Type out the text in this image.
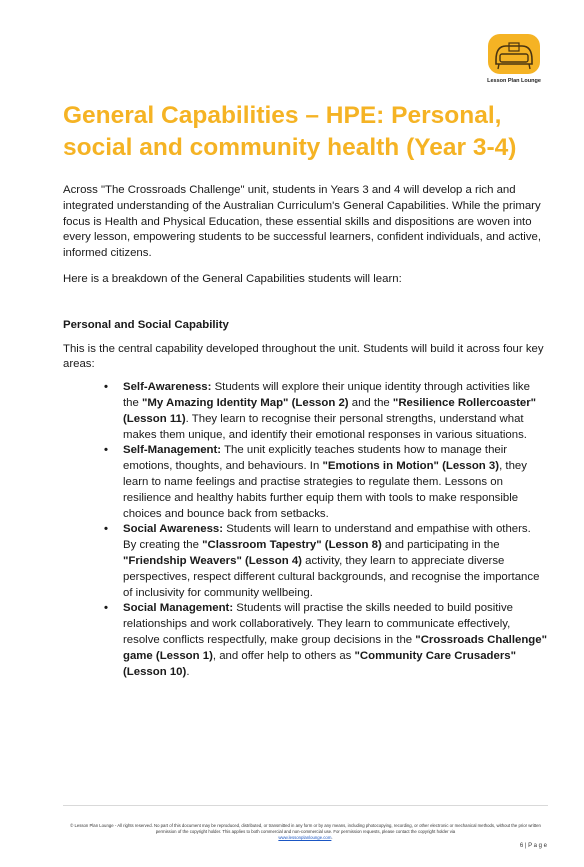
Lesson Plan Lounge
General Capabilities – HPE: Personal, social and community health (Year 3-4)

Across "The Crossroads Challenge" unit, students in Years 3 and 4 will develop a rich and integrated understanding of the Australian Curriculum's General Capabilities. While the primary focus is Health and Physical Education, these essential skills and dispositions are woven into every lesson, empowering students to be successful learners, confident individuals, and active, informed citizens.

Here is a breakdown of the General Capabilities students will learn:

Personal and Social Capability

This is the central capability developed throughout the unit. Students will build it across four key areas:

• Self-Awareness: Students will explore their unique identity through activities like the "My Amazing Identity Map" (Lesson 2) and the "Resilience Rollercoaster" (Lesson 11). They learn to recognise their personal strengths, understand what makes them unique, and identify their emotional responses in various situations.
• Self-Management: The unit explicitly teaches students how to manage their emotions, thoughts, and behaviours. In "Emotions in Motion" (Lesson 3), they learn to name feelings and practise strategies to regulate them. Lessons on resilience and healthy habits further equip them with tools to make responsible choices and bounce back from setbacks.
• Social Awareness: Students will learn to understand and empathise with others. By creating the "Classroom Tapestry" (Lesson 8) and participating in the "Friendship Weavers" (Lesson 4) activity, they learn to appreciate diverse perspectives, respect different cultural backgrounds, and recognise the importance of inclusivity for community wellbeing.
• Social Management: Students will practise the skills needed to build positive relationships and work collaboratively. They learn to communicate effectively, resolve conflicts respectfully, make group decisions in the "Crossroads Challenge" game (Lesson 1), and offer help to others as "Community Care Crusaders" (Lesson 10).
© Lesson Plan Lounge - All rights reserved. No part of this document may be reproduced, distributed, or transmitted in any form or by any means, including photocopying, recording, or other electronic or mechanical methods, without the prior written permission of the copyright holder. This applies to both commercial and non-commercial use. For permission requests, please contact the copyright holder via
www.lessonplanlounge.com.
6 | P a g e
